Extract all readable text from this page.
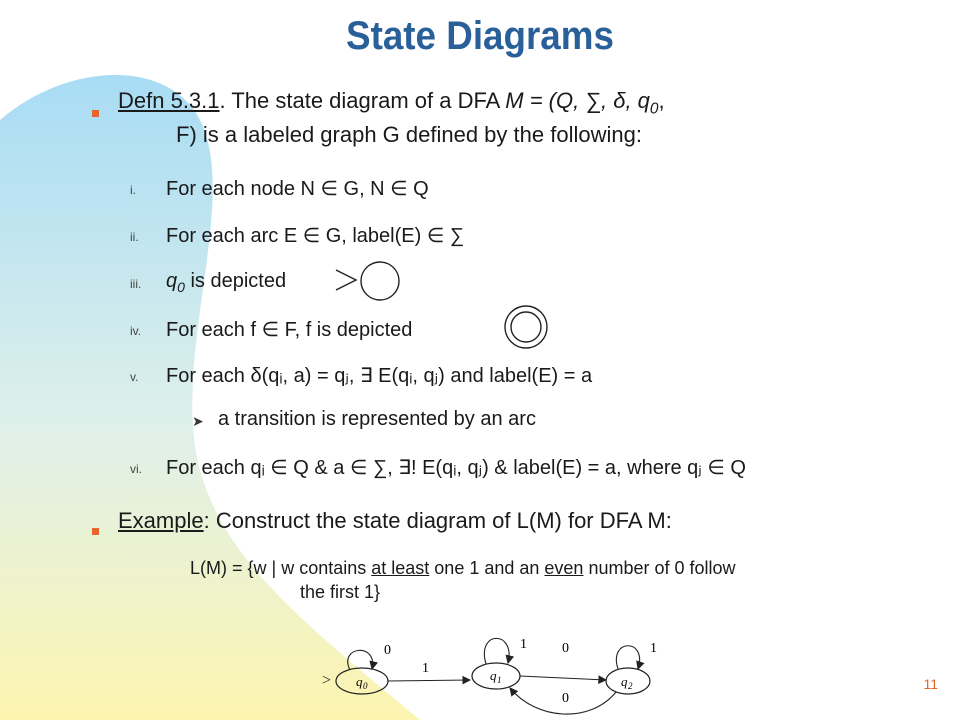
State Diagrams
Defn 5.3.1. The state diagram of a DFA M = (Q, ∑, δ, $q_0$,
F) is a labeled graph G defined by the following:
i.	For each node N ∈ G, N ∈ Q
ii.	For each arc E ∈ G, label(E) ∈ ∑
iii.	$q_0$ is depicted
iv.	For each f ∈ F, f is depicted
v.	For each δ(qᵢ, a) = qⱼ, ∃ E(qᵢ, qⱼ) and label(E) = a
➤ a transition is represented by an arc
vi.	For each qᵢ ∈ Q & a ∈ ∑, ∃! E(qᵢ, qⱼ) & label(E) = a, where qⱼ ∈ Q
Example: Construct the state diagram of L(M) for DFA M:
L(M) = {w | w contains at least one 1 and an even number of 0 follow
the first 1}
> q 0
0
1	q 1
1	0
0
q 2
1
11
